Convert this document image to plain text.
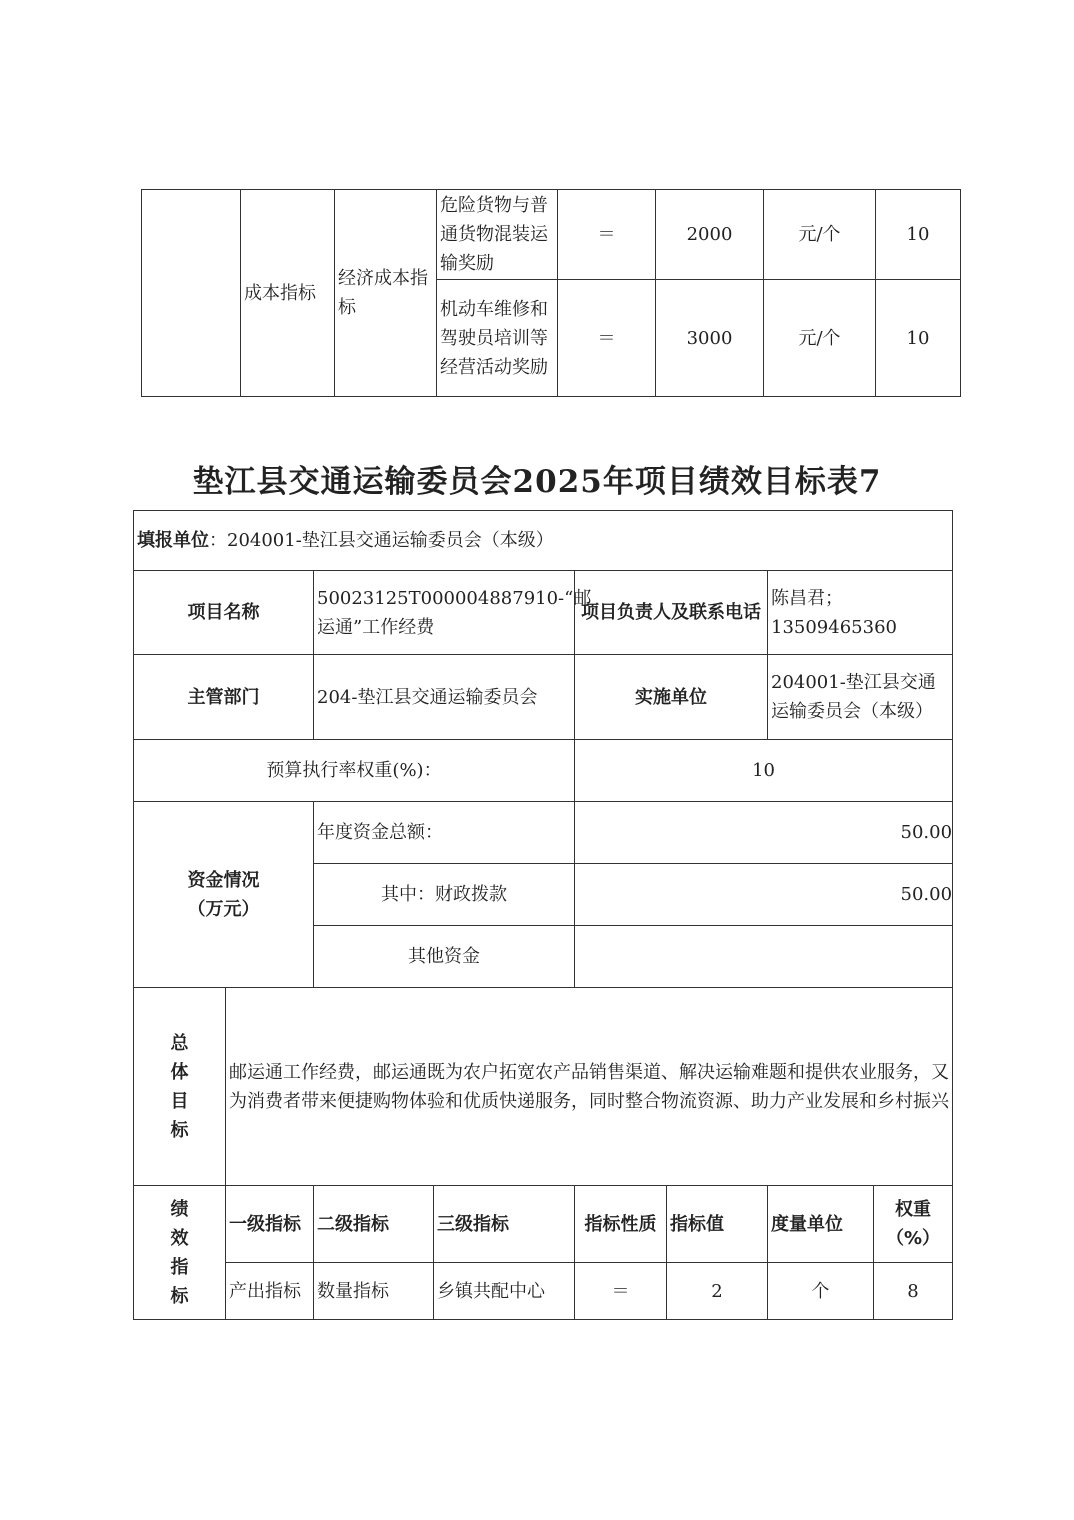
	成本指标	经济成本指标	危险货物与普通货物混装运输奖励	＝	2000	元/个	10
			机动车维修和驾驶员培训等经营活动奖励	＝	3000	元/个	10
垫江县交通运输委员会2025年项目绩效目标表7
填报单位：204001-垫江县交通运输委员会（本级）							
项目名称		50023125T000004887910-“邮运通”工作经费		项目负责人及联系电话		陈昌君；13509465360	
主管部门		204-垫江县交通运输委员会		实施单位		204001-垫江县交通运输委员会（本级）	
预算执行率权重(%)：				10			

资金情况
（万元）		年度资金总额：		50.00			
		其中：财政拨款		50.00			
		其他资金					

总
体
目
标	邮运通工作经费，邮运通既为农户拓宽农产品销售渠道、解决运输难题和提供农业服务，又为消费者带来便捷购物体验和优质快递服务，同时整合物流资源、助力产业发展和乡村振兴						

绩
效
指
标	一级指标	二级指标	三级指标	指标性质	指标值	度量单位	权重（%）
	产出指标	数量指标	乡镇共配中心	＝	2	个	8
